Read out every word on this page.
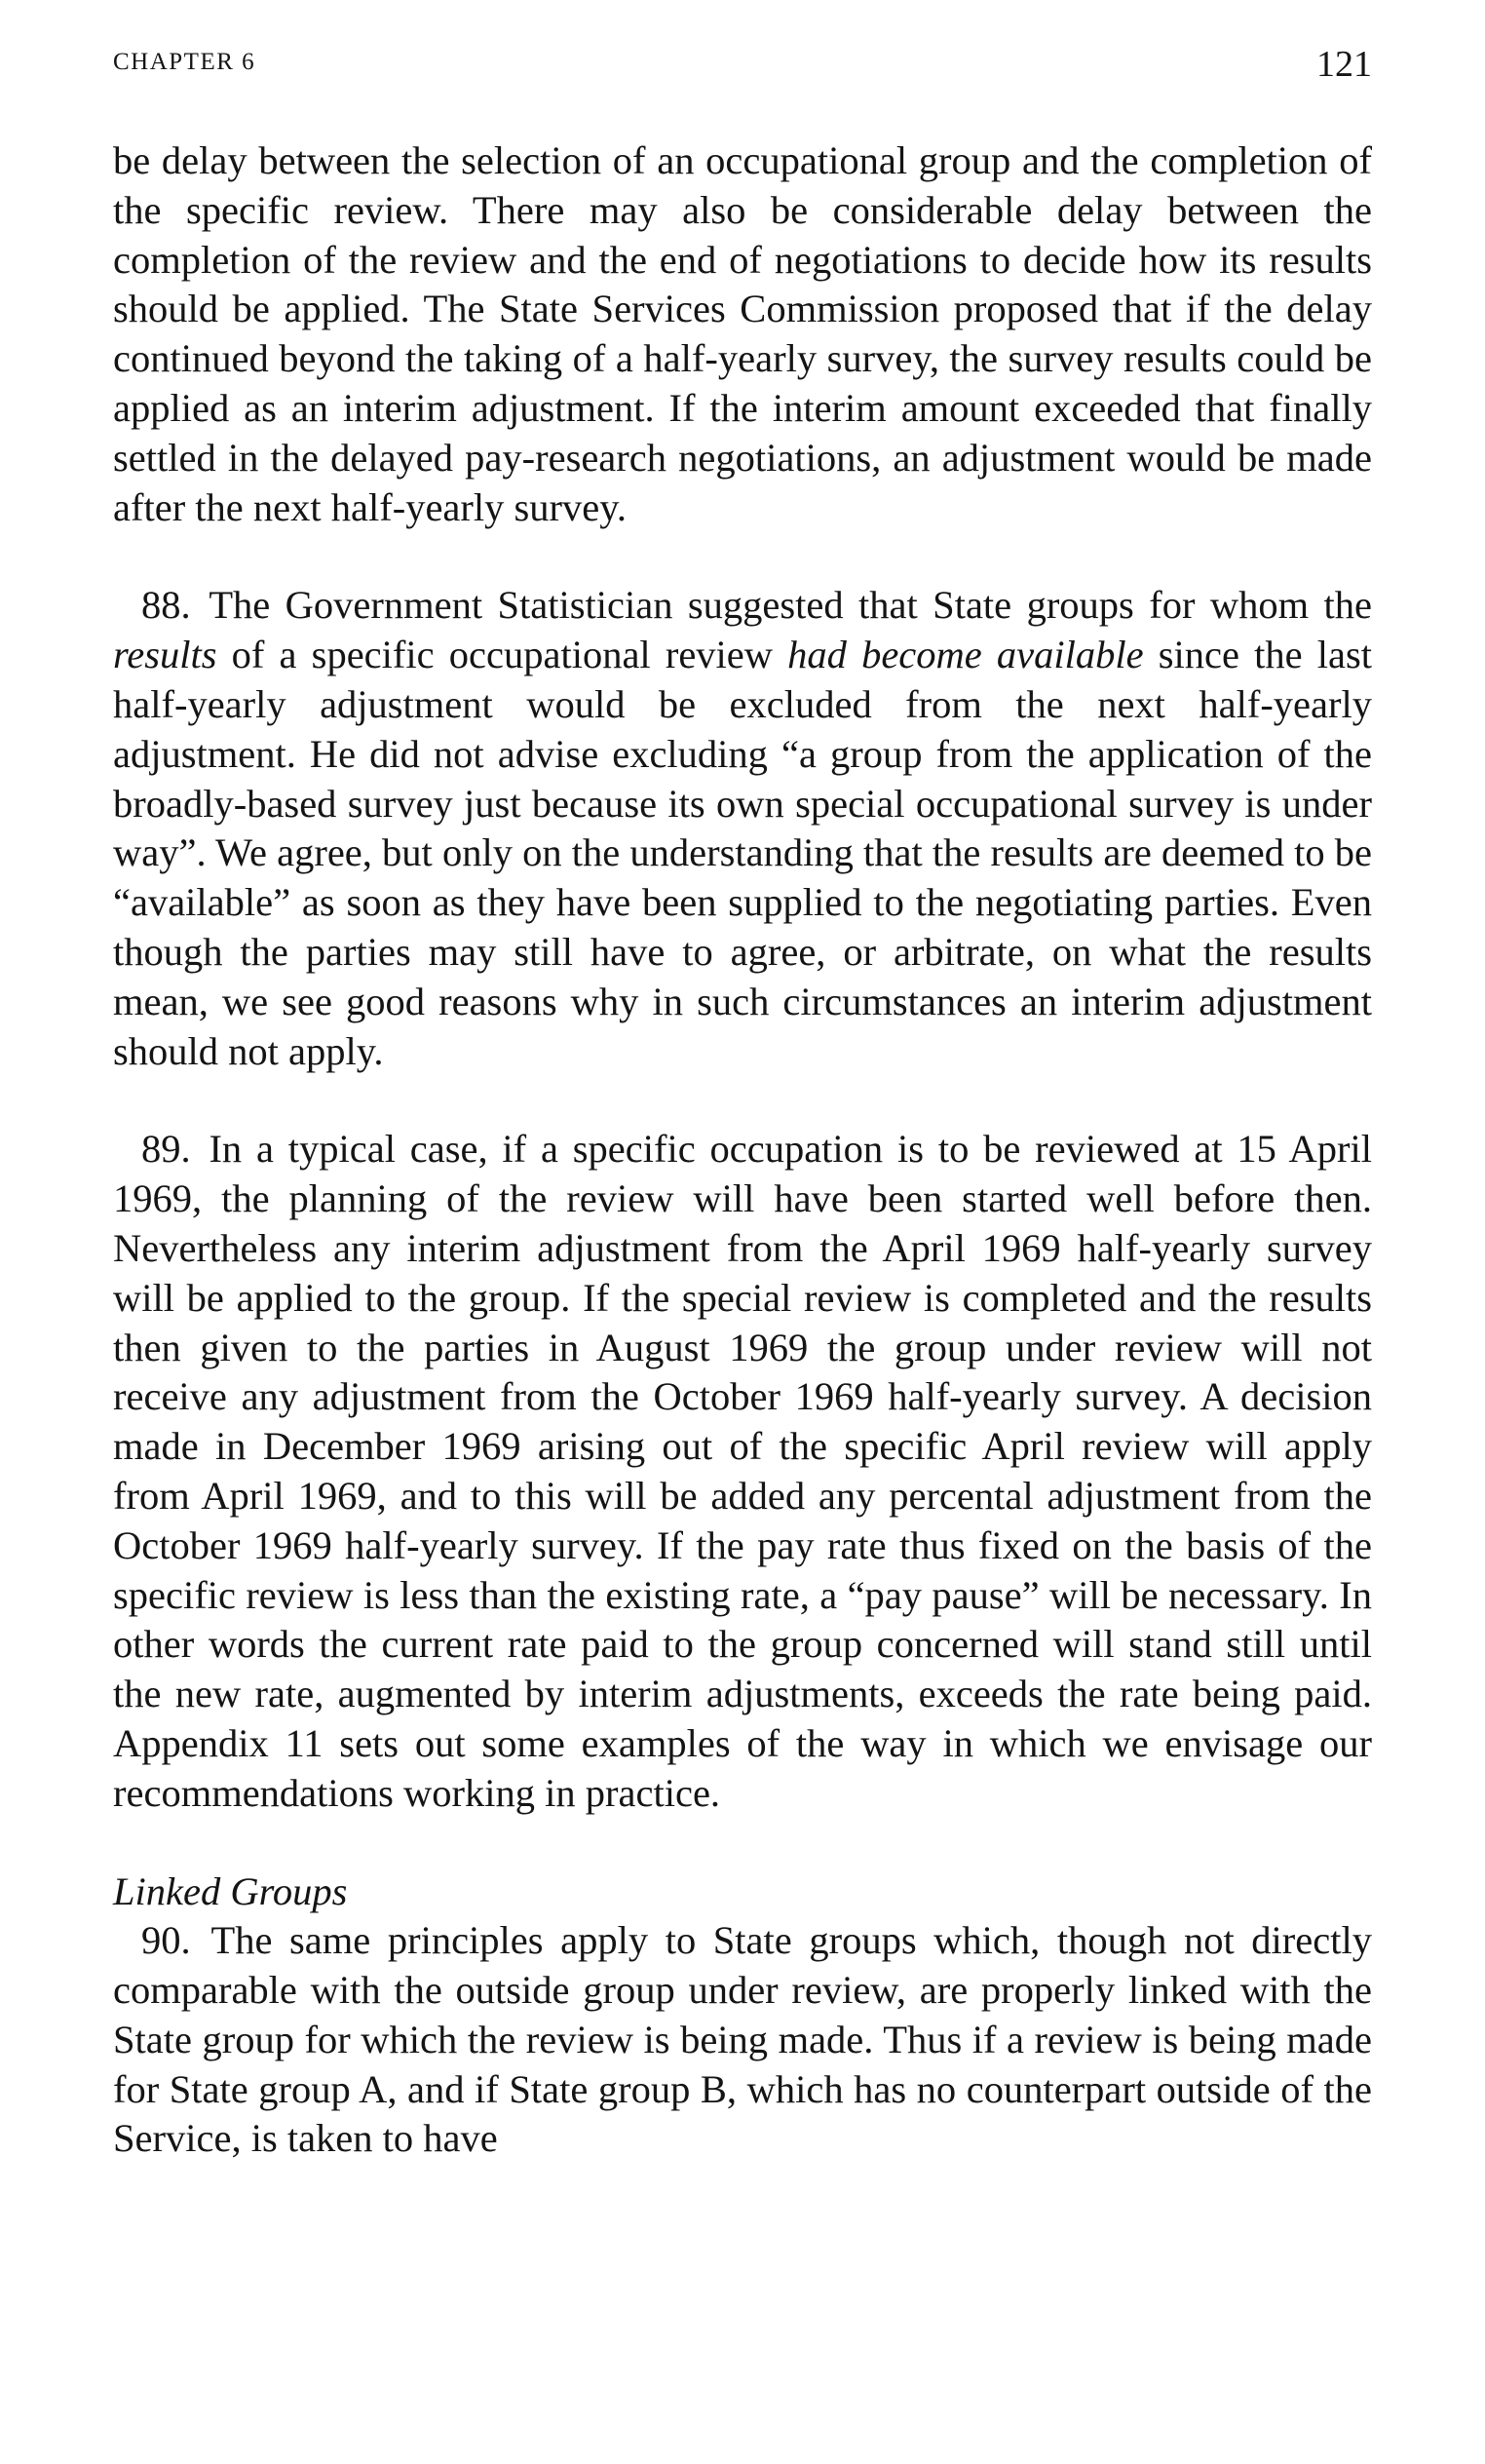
CHAPTER 6	121

be delay between the selection of an occupational group and the completion of the specific review. There may also be considerable delay between the completion of the review and the end of negotiations to decide how its results should be applied. The State Services Commission proposed that if the delay continued beyond the taking of a half-yearly survey, the survey results could be applied as an interim adjustment. If the interim amount exceeded that finally settled in the delayed pay-research negotiations, an adjustment would be made after the next half-yearly survey.

88. The Government Statistician suggested that State groups for whom the results of a specific occupational review had become available since the last half-yearly adjustment would be excluded from the next half-yearly adjustment. He did not advise excluding “a group from the application of the broadly-based survey just because its own special occupational survey is under way”. We agree, but only on the understanding that the results are deemed to be “available” as soon as they have been supplied to the negotiating parties. Even though the parties may still have to agree, or arbitrate, on what the results mean, we see good reasons why in such circumstances an interim adjustment should not apply.

89. In a typical case, if a specific occupation is to be reviewed at 15 April 1969, the planning of the review will have been started well before then. Nevertheless any interim adjustment from the April 1969 half-yearly survey will be applied to the group. If the special review is completed and the results then given to the parties in August 1969 the group under review will not receive any adjustment from the October 1969 half-yearly survey. A decision made in December 1969 arising out of the specific April review will apply from April 1969, and to this will be added any percental adjustment from the October 1969 half-yearly survey. If the pay rate thus fixed on the basis of the specific review is less than the existing rate, a “pay pause” will be necessary. In other words the current rate paid to the group concerned will stand still until the new rate, augmented by interim adjustments, exceeds the rate being paid. Appendix 11 sets out some examples of the way in which we envisage our recommendations working in practice.

Linked Groups

90. The same principles apply to State groups which, though not directly comparable with the outside group under review, are properly linked with the State group for which the review is being made. Thus if a review is being made for State group A, and if State group B, which has no counterpart outside of the Service, is taken to have
